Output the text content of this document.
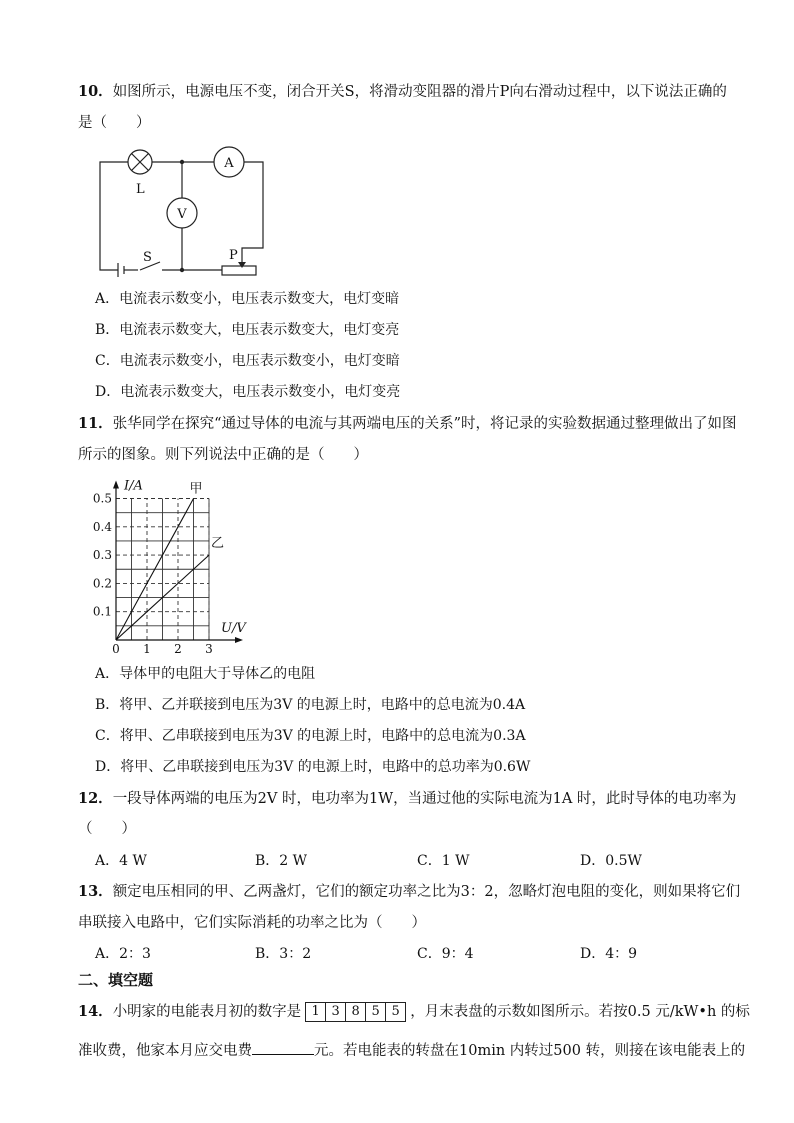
10．如图所示，电源电压不变，闭合开关S，将滑动变阻器的滑片P向右滑动过程中，以下说法正确的
是（　　）
A
V
L
S	P
A．电流表示数变小，电压表示数变大，电灯变暗
B．电流表示数变大，电压表示数变大，电灯变亮
C．电流表示数变小，电压表示数变小，电灯变暗
D．电流表示数变大，电压表示数变小，电灯变亮
11．张华同学在探究“通过导体的电流与其两端电压的关系”时，将记录的实验数据通过整理做出了如图
所示的图象。则下列说法中正确的是（　　）
甲
乙
0.1
0.2
0.3
0.4
0.5
0 1 2 3
I/A
U/V
A．导体甲的电阻大于导体乙的电阻
B．将甲、乙并联接到电压为3V 的电源上时，电路中的总电流为0.4A
C．将甲、乙串联接到电压为3V 的电源上时，电路中的总电流为0.3A
D．将甲、乙串联接到电压为3V 的电源上时，电路中的总功率为0.6W
12．一段导体两端的电压为2V 时，电功率为1W，当通过他的实际电流为1A 时，此时导体的电功率为
（　　）
A．4 W	B．2 W	C．1 W	D．0.5W
13．额定电压相同的甲、乙两盏灯，它们的额定功率之比为3：2，忽略灯泡电阻的变化，则如果将它们
串联接入电路中，它们实际消耗的功率之比为（　　）
A．2：3	B．3：2	C．9：4	D．4：9
二、填空题
14．小明家的电能表月初的数字是 1 3 8 5 5 ，月末表盘的示数如图所示。若按0.5 元/kW•h 的标
准收费，他家本月应交电费	元。若电能表的转盘在10min 内转过500 转，则接在该电能表上的
